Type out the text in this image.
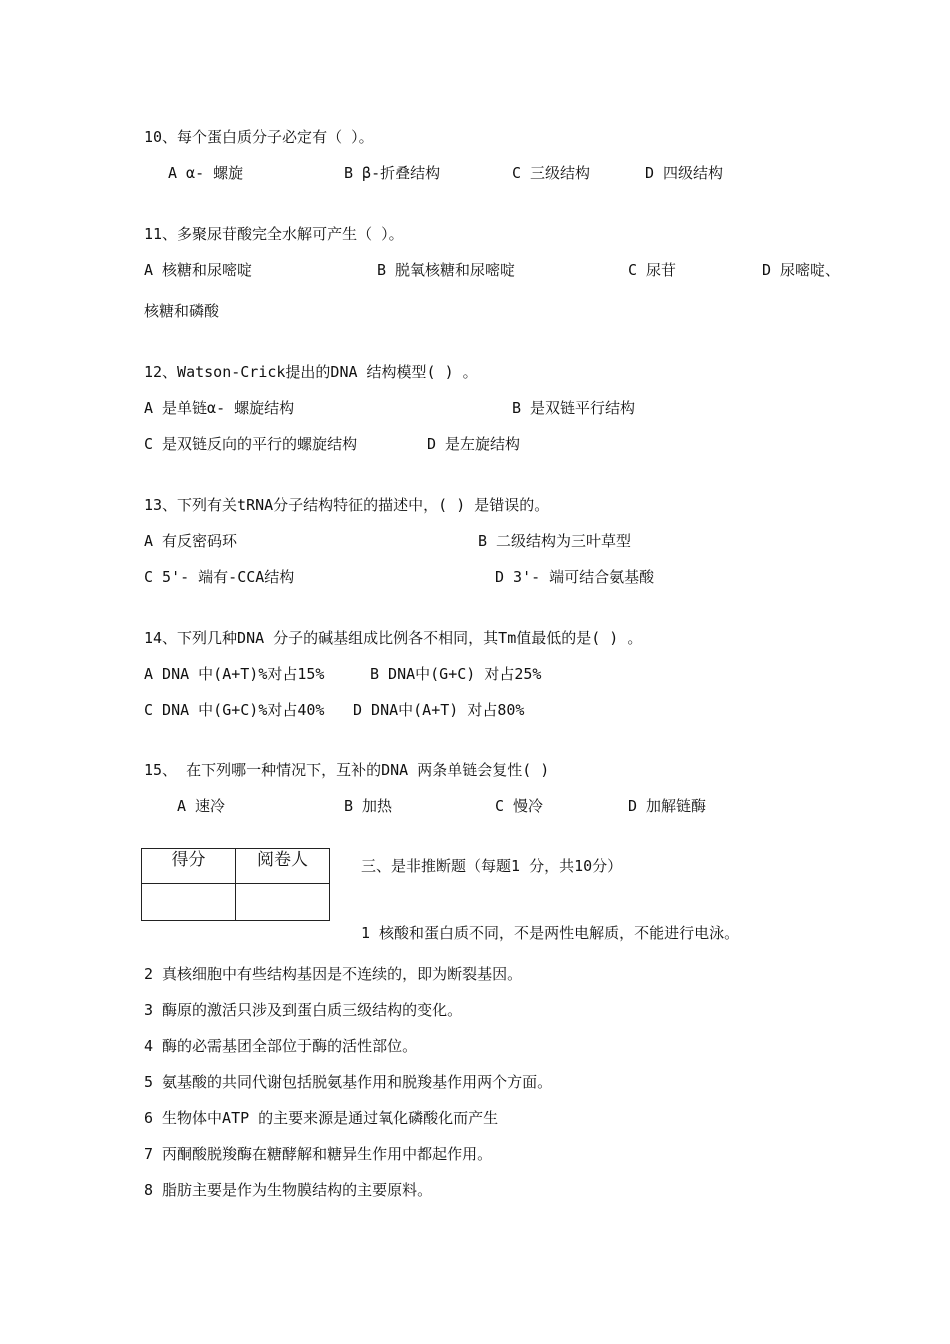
10、每个蛋白质分子必定有（ ）。
A α- 螺旋	B β-折叠结构	C 三级结构	D 四级结构
11、多聚尿苷酸完全水解可产生（ ）。
A 核糖和尿嘧啶	B 脱氧核糖和尿嘧啶	C 尿苷	D 尿嘧啶、
核糖和磷酸
12、Watson-Crick提出的DNA 结构模型( ) 。
A 是单链α- 螺旋结构	B 是双链平行结构
C 是双链反向的平行的螺旋结构	D 是左旋结构
13、下列有关tRNA分子结构特征的描述中，( ) 是错误的。
A 有反密码环	B 二级结构为三叶草型
C 5'- 端有-CCA结构	D 3'- 端可结合氨基酸
14、下列几种DNA 分子的碱基组成比例各不相同，其Tm值最低的是( ) 。
A DNA 中(A+T)%对占15%	B DNA中(G+C) 对占25%
C DNA 中(G+C)%对占40% D DNA中(A+T) 对占80%
15、 在下列哪一种情况下，互补的DNA 两条单链会复性( )
A 速冷	B 加热	C 慢冷	D 加解链酶
得分	阅卷人
		三、是非推断题（每题1 分，共10分）
1 核酸和蛋白质不同，不是两性电解质，不能进行电泳。
2 真核细胞中有些结构基因是不连续的，即为断裂基因。
3 酶原的激活只涉及到蛋白质三级结构的变化。
4 酶的必需基团全部位于酶的活性部位。
5 氨基酸的共同代谢包括脱氨基作用和脱羧基作用两个方面。
6 生物体中ATP 的主要来源是通过氧化磷酸化而产生
7 丙酮酸脱羧酶在糖酵解和糖异生作用中都起作用。
8 脂肪主要是作为生物膜结构的主要原料。
